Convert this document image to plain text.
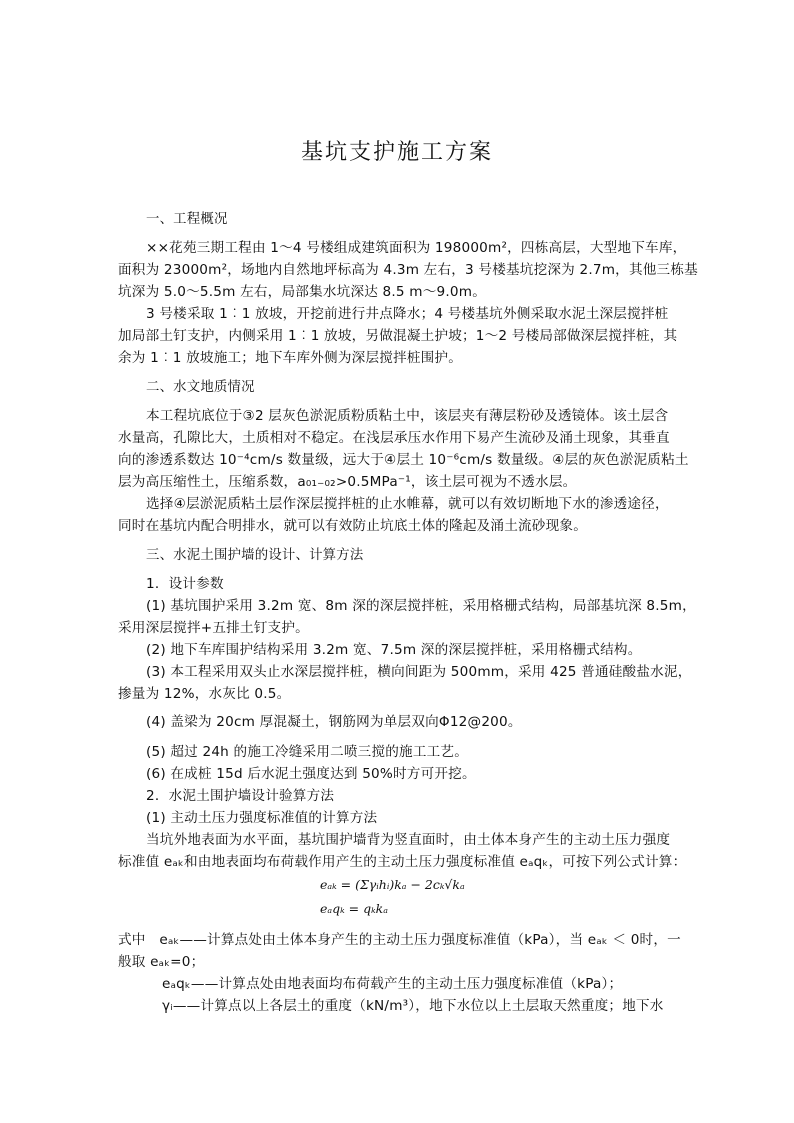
基坑支护施工方案
一、工程概况
××花苑三期工程由 1～4 号楼组成建筑面积为 198000m²，四栋高层，大型地下车库，
面积为 23000m²，场地内自然地坪标高为 4.3m 左右，3 号楼基坑挖深为 2.7m，其他三栋基
坑深为 5.0～5.5m 左右，局部集水坑深达 8.5 m～9.0m。
3 号楼采取 1︰1 放坡，开挖前进行井点降水；4 号楼基坑外侧采取水泥土深层搅拌桩
加局部土钉支护，内侧采用 1︰1 放坡，另做混凝土护坡；1～2 号楼局部做深层搅拌桩，其
余为 1︰1 放坡施工；地下车库外侧为深层搅拌桩围护。
二、水文地质情况
本工程坑底位于③2 层灰色淤泥质粉质粘土中，该层夹有薄层粉砂及透镜体。该土层含
水量高，孔隙比大，土质相对不稳定。在浅层承压水作用下易产生流砂及涌土现象，其垂直
向的渗透系数达 10⁻⁴cm/s 数量级，远大于④层土 10⁻⁶cm/s 数量级。④层的灰色淤泥质粘土
层为高压缩性土，压缩系数，a₀₁₋₀₂>0.5MPa⁻¹，该土层可视为不透水层。
选择④层淤泥质粘土层作深层搅拌桩的止水帷幕，就可以有效切断地下水的渗透途径，
同时在基坑内配合明排水，就可以有效防止坑底土体的隆起及涌土流砂现象。
三、水泥土围护墙的设计、计算方法
1．设计参数
(1) 基坑围护采用 3.2m 宽、8m 深的深层搅拌桩，采用格栅式结构，局部基坑深 8.5m，
采用深层搅拌+五排土钉支护。
(2) 地下车库围护结构采用 3.2m 宽、7.5m 深的深层搅拌桩，采用格栅式结构。
(3) 本工程采用双头止水深层搅拌桩，横向间距为 500mm，采用 425 普通硅酸盐水泥，
掺量为 12%，水灰比 0.5。
(4) 盖梁为 20cm 厚混凝土，钢筋网为单层双向Φ12@200。
(5) 超过 24h 的施工冷缝采用二喷三搅的施工工艺。
(6) 在成桩 15d 后水泥土强度达到 50%时方可开挖。
2．水泥土围护墙设计验算方法
(1) 主动土压力强度标准值的计算方法
当坑外地表面为水平面，基坑围护墙背为竖直面时，由土体本身产生的主动土压力强度
标准值 eₐₖ和由地表面均布荷载作用产生的主动土压力强度标准值 eₐqₖ，可按下列公式计算：
eₐₖ = (Σγᵢhᵢ)kₐ − 2cₖ√kₐ
eₐqₖ = qₖkₐ
式中　eₐₖ——计算点处由土体本身产生的主动土压力强度标准值（kPa），当 eₐₖ ＜ 0时，一
般取 eₐₖ=0；
eₐqₖ——计算点处由地表面均布荷载产生的主动土压力强度标准值（kPa）；
γᵢ——计算点以上各层土的重度（kN/m³），地下水位以上土层取天然重度；地下水
